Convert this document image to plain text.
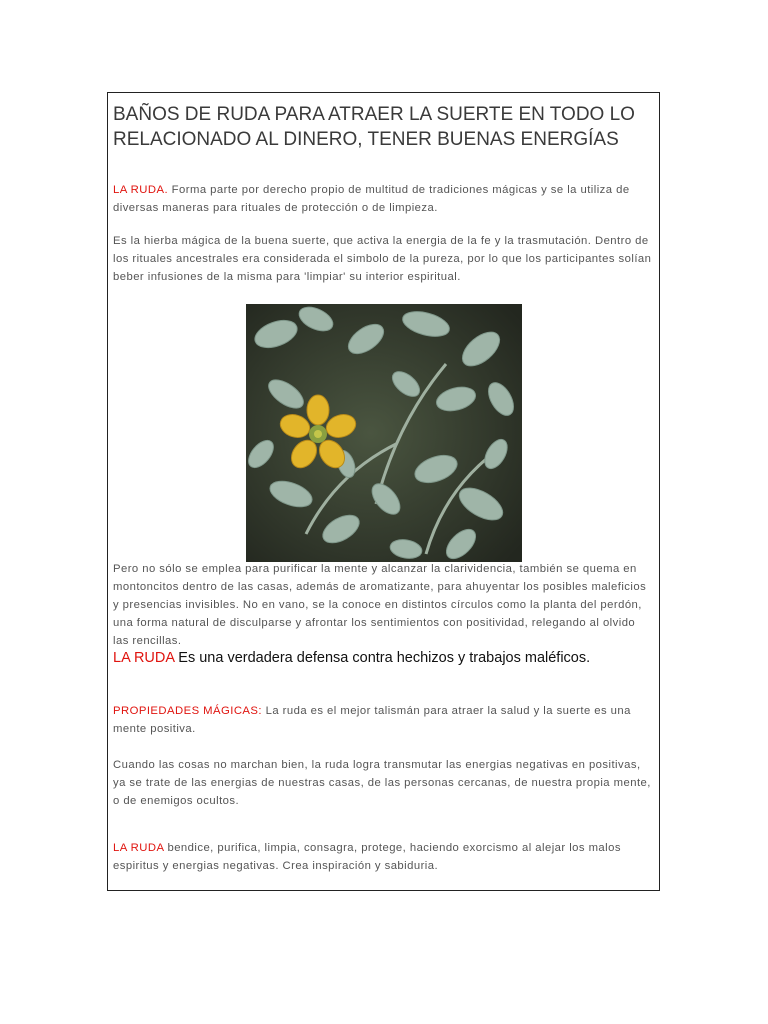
BAÑOS DE RUDA PARA ATRAER LA SUERTE EN TODO LO RELACIONADO AL DINERO, TENER BUENAS ENERGÍAS

LA RUDA. Forma parte por derecho propio de multitud de tradiciones mágicas y se la utiliza de diversas maneras para rituales de protección o de limpieza.

Es la hierba mágica de la buena suerte, que activa la energia de la fe y la trasmutación. Dentro de los rituales ancestrales era considerada el simbolo de la pureza, por lo que los participantes solían beber infusiones de la misma para 'limpiar' su interior espiritual.

Pero no sólo se emplea para purificar la mente y alcanzar la clarividencia, también se quema en montoncitos dentro de las casas, además de aromatizante, para ahuyentar los posibles maleficios y presencias invisibles. No en vano, se la conoce en distintos círculos como la planta del perdón, una forma natural de disculparse y afrontar los sentimientos con positividad, relegando al olvido las rencillas.

LA RUDA Es una verdadera defensa contra hechizos y trabajos maléficos.

PROPIEDADES MÁGICAS: La ruda es el mejor talismán para atraer la salud y la suerte es una mente positiva.

Cuando las cosas no marchan bien, la ruda logra transmutar las energias negativas en positivas, ya se trate de las energias de nuestras casas, de las personas cercanas, de nuestra propia mente, o de enemigos ocultos.

LA RUDA bendice, purifica, limpia, consagra, protege, haciendo exorcismo al alejar los malos espiritus y energias negativas. Crea inspiración y sabiduria.
